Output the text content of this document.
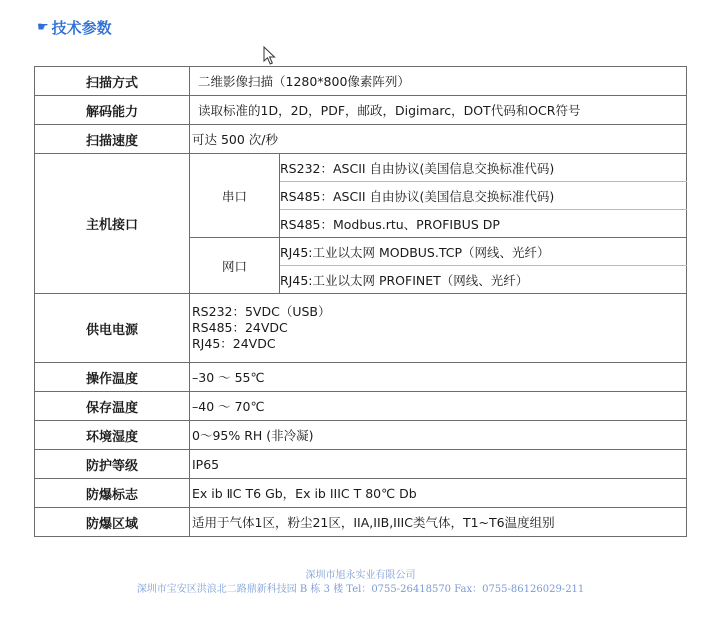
☛ 技术参数
扫描方式	二维影像扫描（1280*800像素阵列）	
解码能力	读取标准的1D，2D，PDF，邮政，Digimarc，DOT代码和OCR符号	
扫描速度	可达 500 次/秒	
主机接口	串口	RS232：ASCII 自由协议(美国信息交换标准代码)
		RS485：ASCII 自由协议(美国信息交换标准代码)
		RS485：Modbus.rtu、PROFIBUS DP
	网口	RJ45:工业以太网 MODBUS.TCP（网线、光纤）
		RJ45:工业以太网 PROFINET（网线、光纤）
供电电源	RS232：5VDC（USB）
RS485：24VDC
RJ45：24VDC	

操作温度	–30 ～ 55℃	
保存温度	–40 ～ 70℃	
环境湿度	0～95% RH (非冷凝)	
防护等级	IP65	
防爆标志	Ex ib ⅡC T6 Gb，Ex ib IIIC T 80℃ Db	
防爆区域	适用于气体1区，粉尘21区，IIA,IIB,IIIC类气体，T1~T6温度组别	
深圳市旭永实业有限公司
深圳市宝安区洪浪北二路鼎新科技园 B 栋 3 楼 Tel：0755-26418570 Fax：0755-86126029-211
